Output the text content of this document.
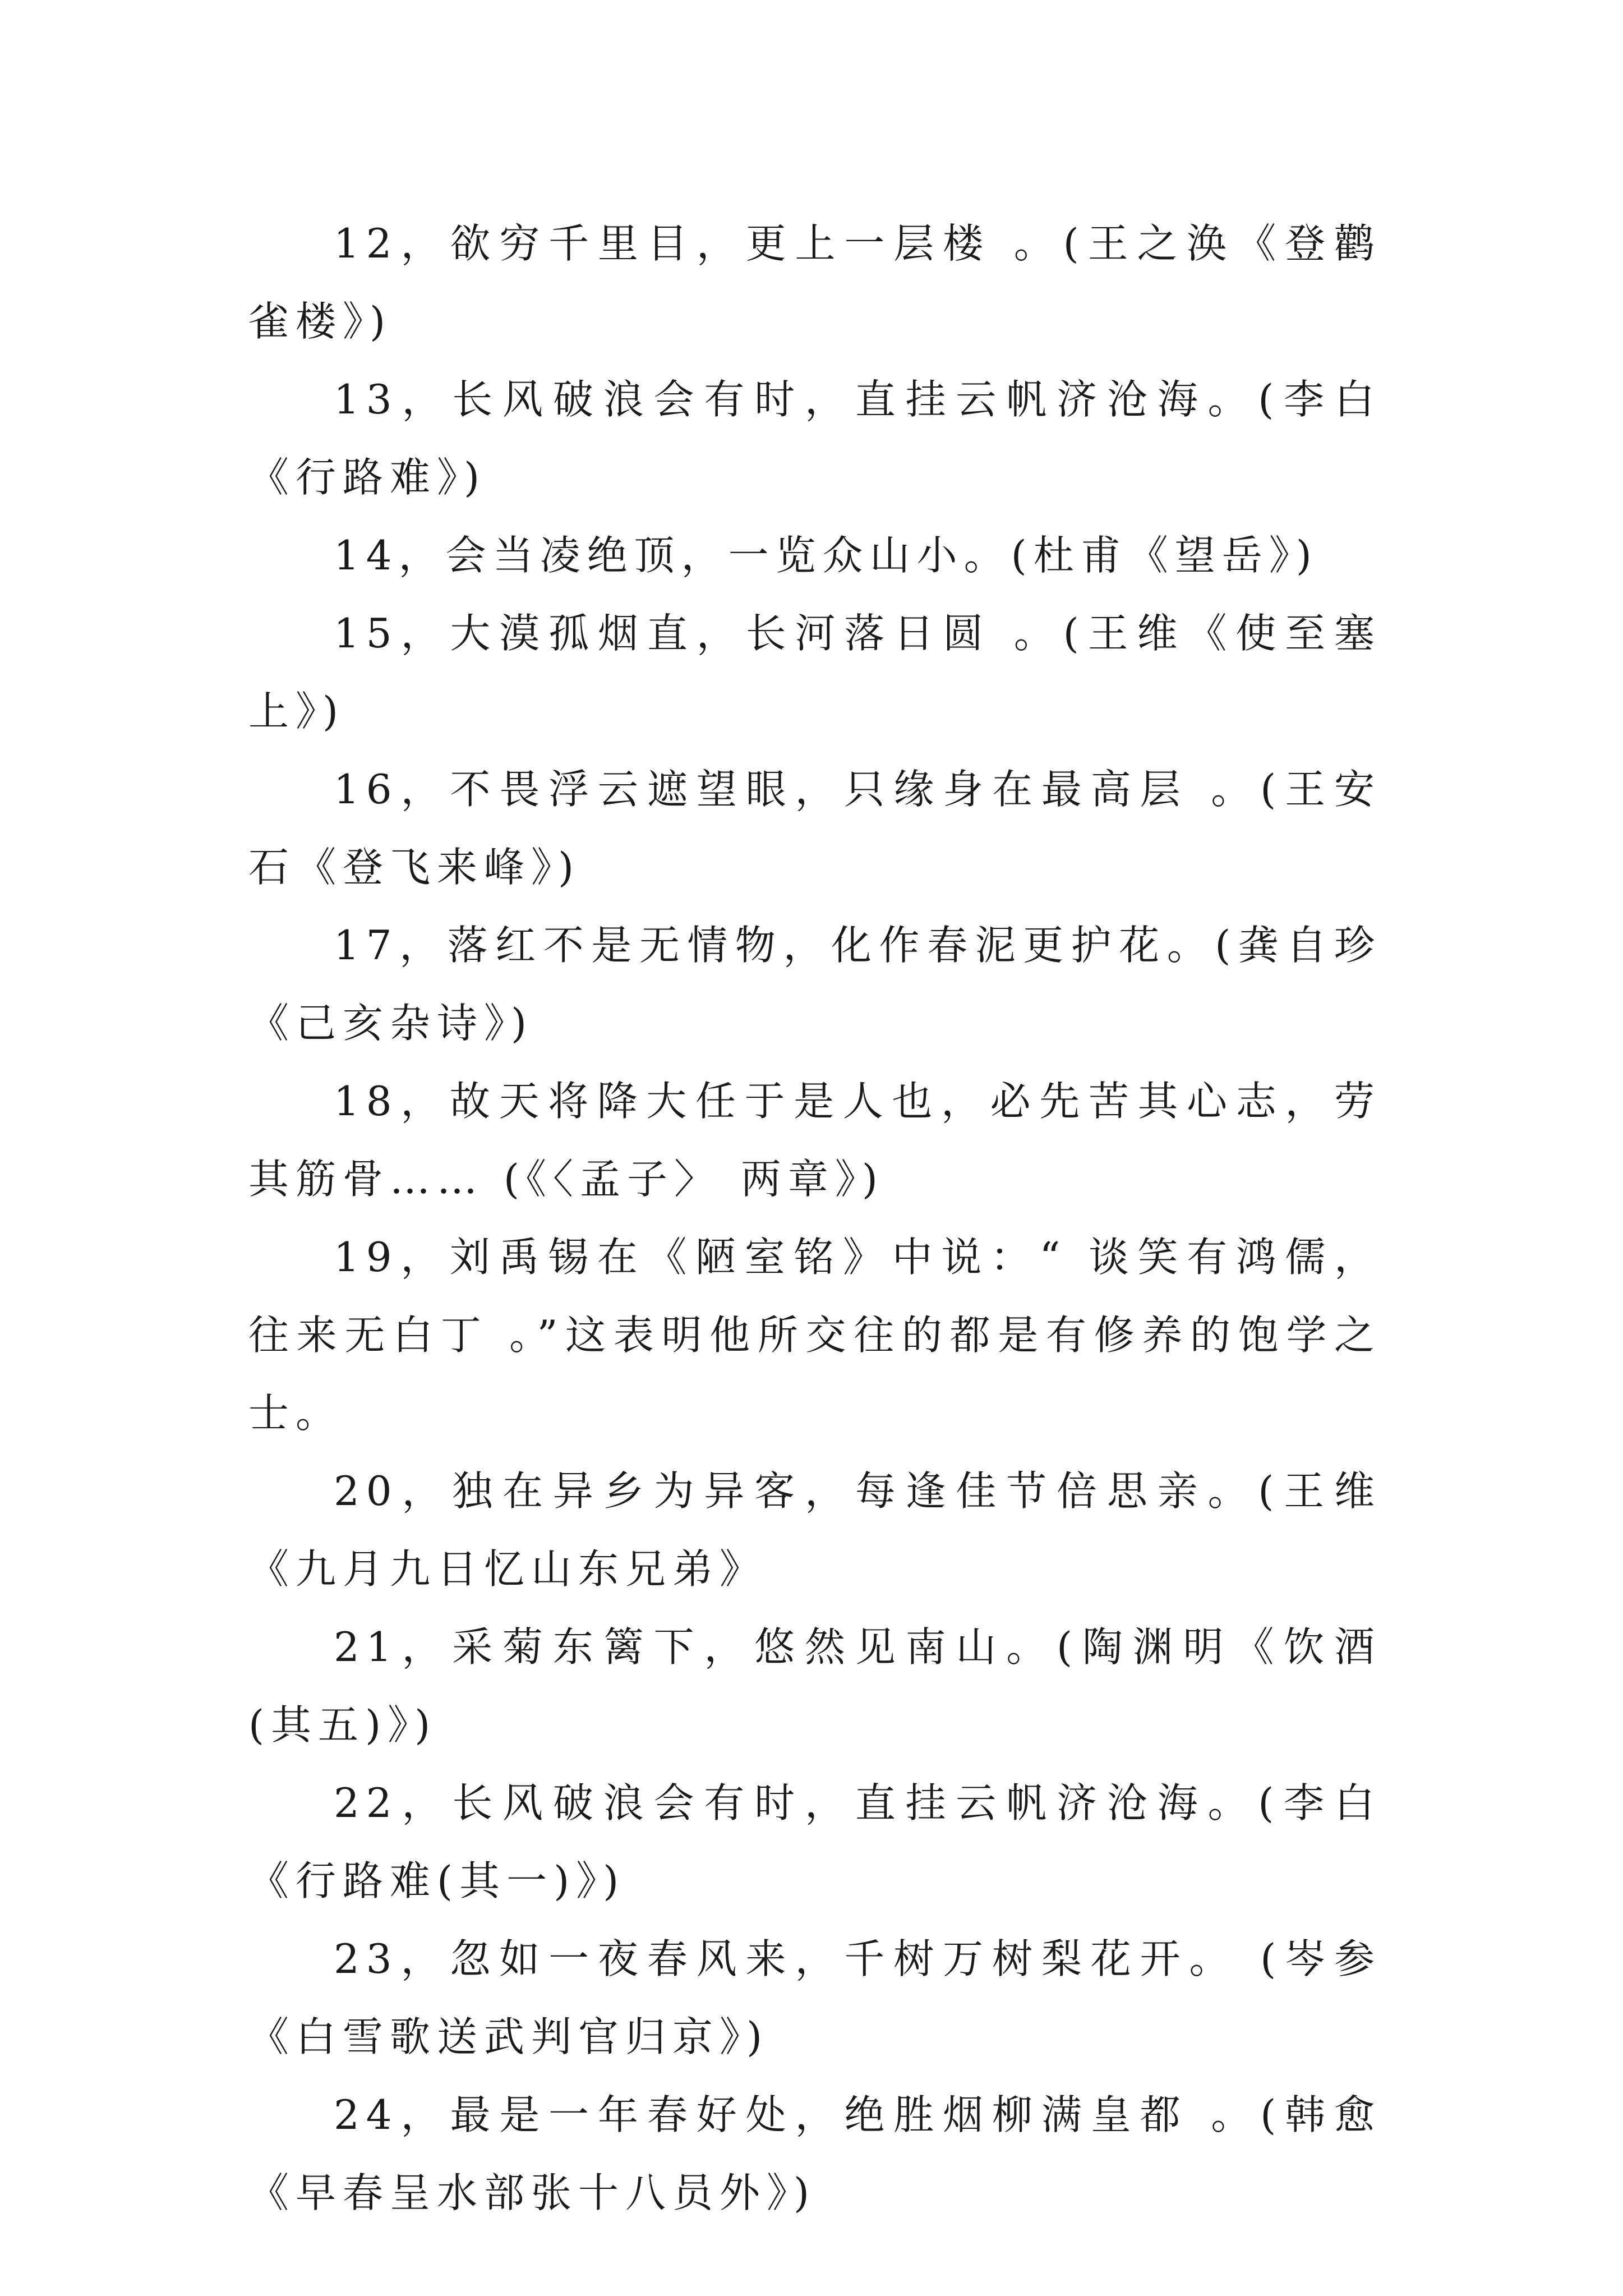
12，欲穷千里目，更上一层楼 。(王之涣《登鹳雀楼》)

13，长风破浪会有时，直挂云帆济沧海。(李白《行路难》)

14，会当凌绝顶，一览众山小。(杜甫《望岳》)

15，大漠孤烟直，长河落日圆 。(王维《使至塞上》)

16，不畏浮云遮望眼，只缘身在最高层 。(王安石《登飞来峰》)

17，落红不是无情物，化作春泥更护花。(龚自珍《己亥杂诗》)

18，故天将降大任于是人也，必先苦其心志，劳其筋骨…… (《〈孟子〉 两章》)

19，刘禹锡在《陋室铭》中说：“ 谈笑有鸿儒，往来无白丁 。”这表明他所交往的都是有修养的饱学之士。

20，独在异乡为异客，每逢佳节倍思亲。(王维《九月九日忆山东兄弟》

21，采菊东篱下，悠然见南山。(陶渊明《饮酒(其五)》)

22，长风破浪会有时，直挂云帆济沧海。(李白《行路难(其一)》)

23，忽如一夜春风来，千树万树梨花开。 (岑参《白雪歌送武判官归京》)

24，最是一年春好处，绝胜烟柳满皇都 。(韩愈《早春呈水部张十八员外》)
